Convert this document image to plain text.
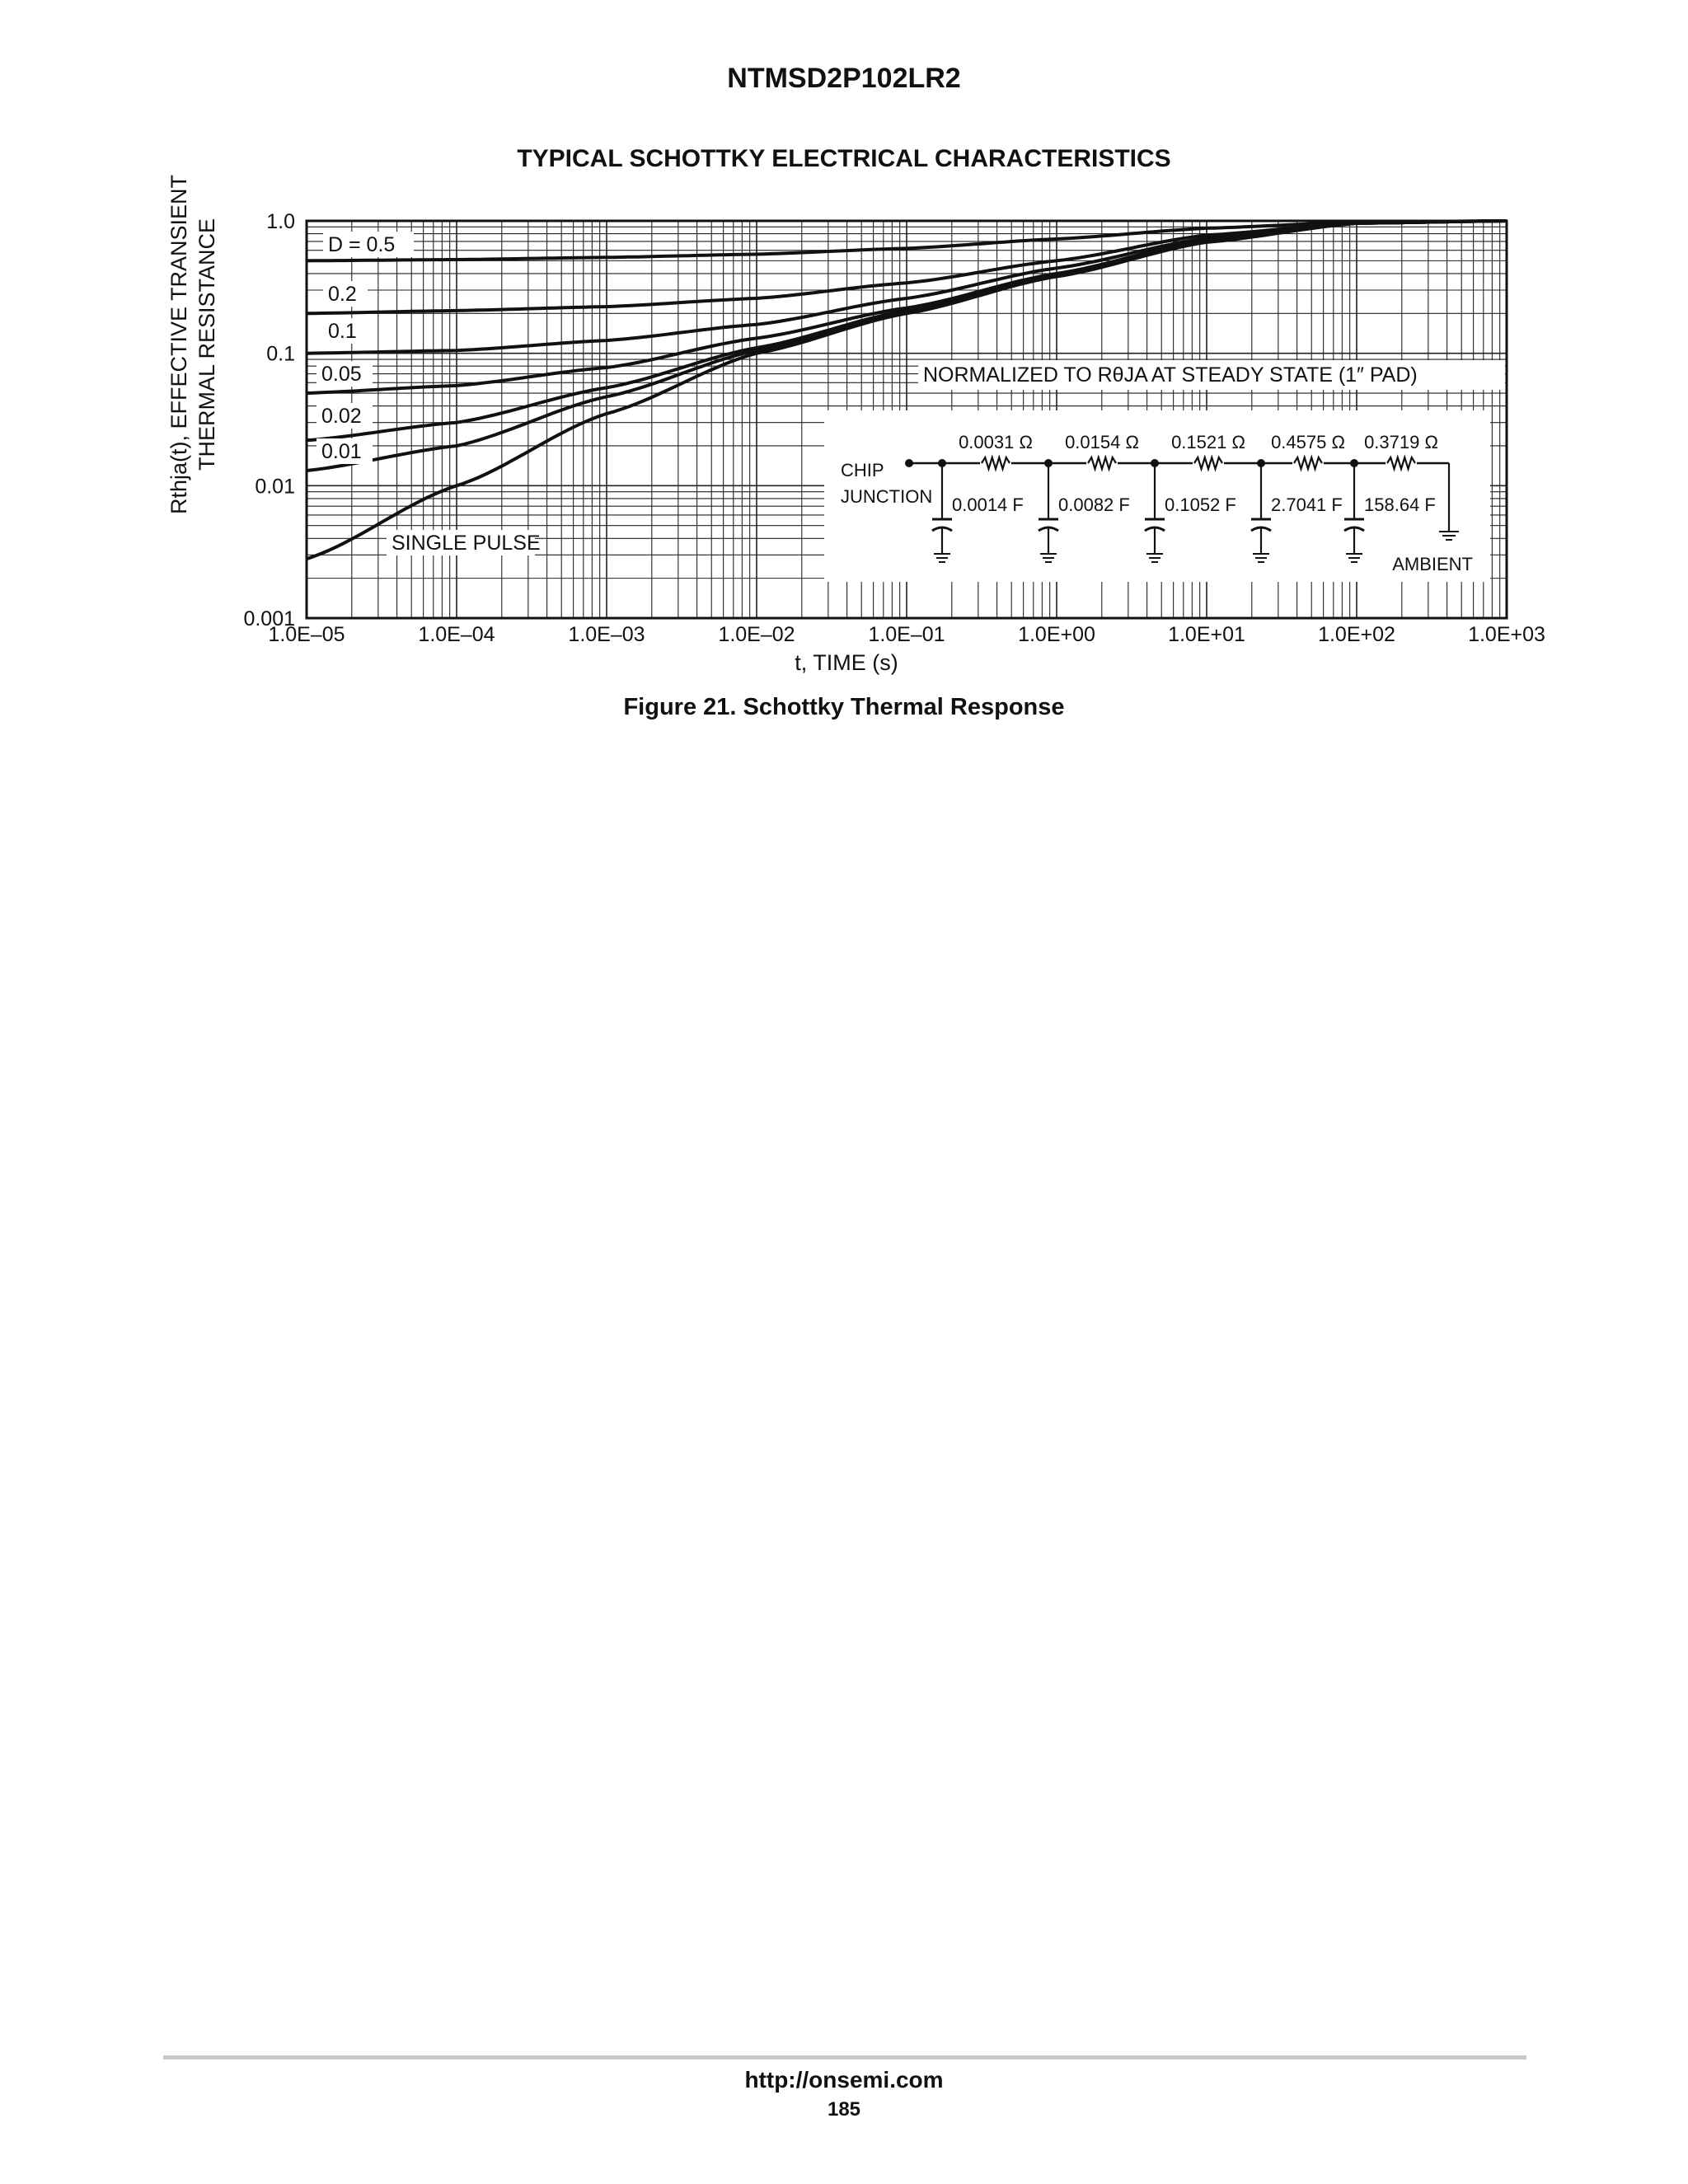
NTMSD2P102LR2
TYPICAL SCHOTTKY ELECTRICAL CHARACTERISTICS
D = 0.5
0.2
0.1
0.05
0.02
0.01
SINGLE PULSE
NORMALIZED TO RθJA AT STEADY STATE (1″ PAD)
1.0E–05	1.0E–04	1.0E–03	1.0E–02	1.0E–01	1.0E+00	1.0E+01	1.0E+02	1.0E+03
0.001
0.01
0.1
1.0
CHIP
JUNCTION
0.0031 Ω 0.0154 Ω 0.1521 Ω 0.4575 Ω 0.3719 Ω
0.0014 F 0.0082 F 0.1052 F 2.7041 F 158.64 F
AMBIENT
t, TIME (s)
Rthja(t), EFFECTIVE TRANSIENT THERMAL RESISTANCE
Figure 21. Schottky Thermal Response
http://onsemi.com
185
